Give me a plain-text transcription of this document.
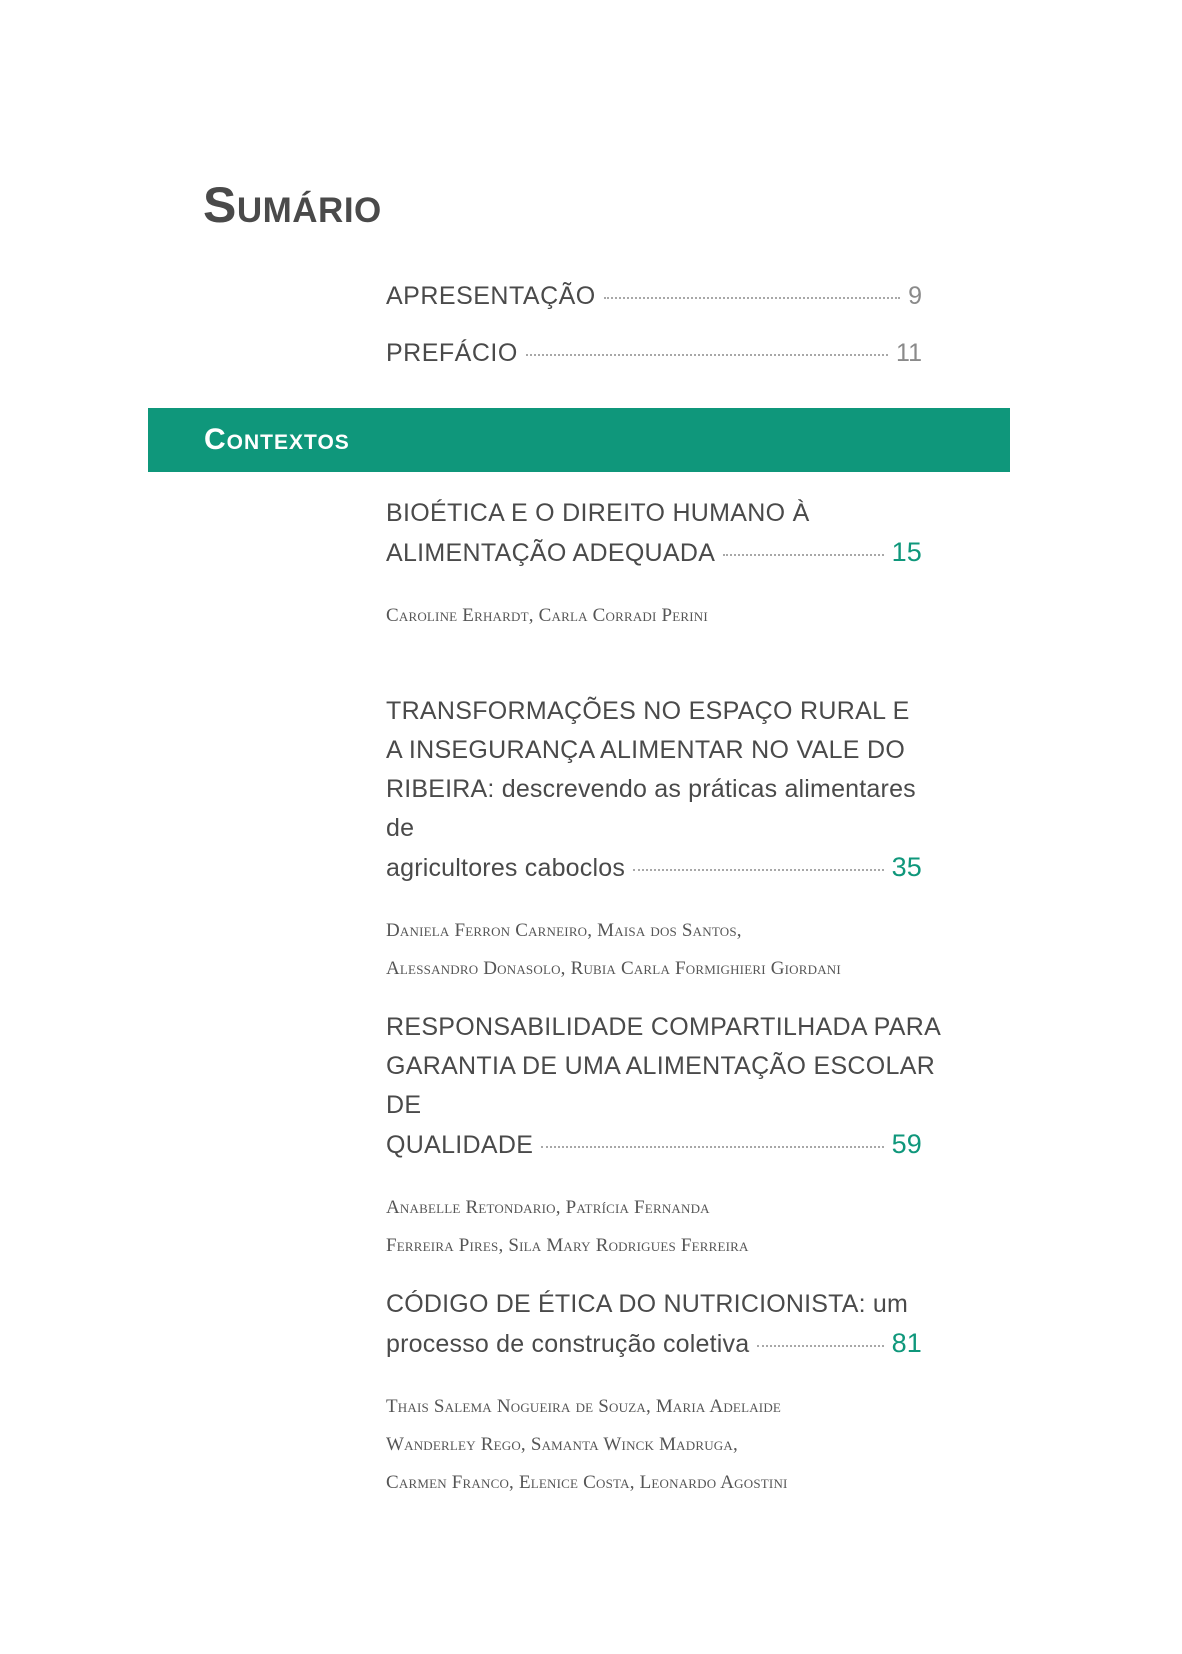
Sumário
APRESENTAÇÃO	9
PREFÁCIO	11
Contextos
BIOÉTICA E O DIREITO HUMANO À
ALIMENTAÇÃO ADEQUADA	15
Caroline Erhardt, Carla Corradi Perini
TRANSFORMAÇÕES NO ESPAÇO RURAL E
A INSEGURANÇA ALIMENTAR NO VALE DO
RIBEIRA: descrevendo as práticas alimentares de
agricultores caboclos	35
Daniela Ferron Carneiro, Maisa dos Santos,
Alessandro Donasolo, Rubia Carla Formighieri Giordani
RESPONSABILIDADE COMPARTILHADA PARA
GARANTIA DE UMA ALIMENTAÇÃO ESCOLAR DE
QUALIDADE	59
Anabelle Retondario, Patrícia Fernanda
Ferreira Pires, Sila Mary Rodrigues Ferreira
CÓDIGO DE ÉTICA DO NUTRICIONISTA: um
processo de construção coletiva	81
Thais Salema Nogueira de Souza, Maria Adelaide
Wanderley Rego, Samanta Winck Madruga,
Carmen Franco, Elenice Costa, Leonardo Agostini
